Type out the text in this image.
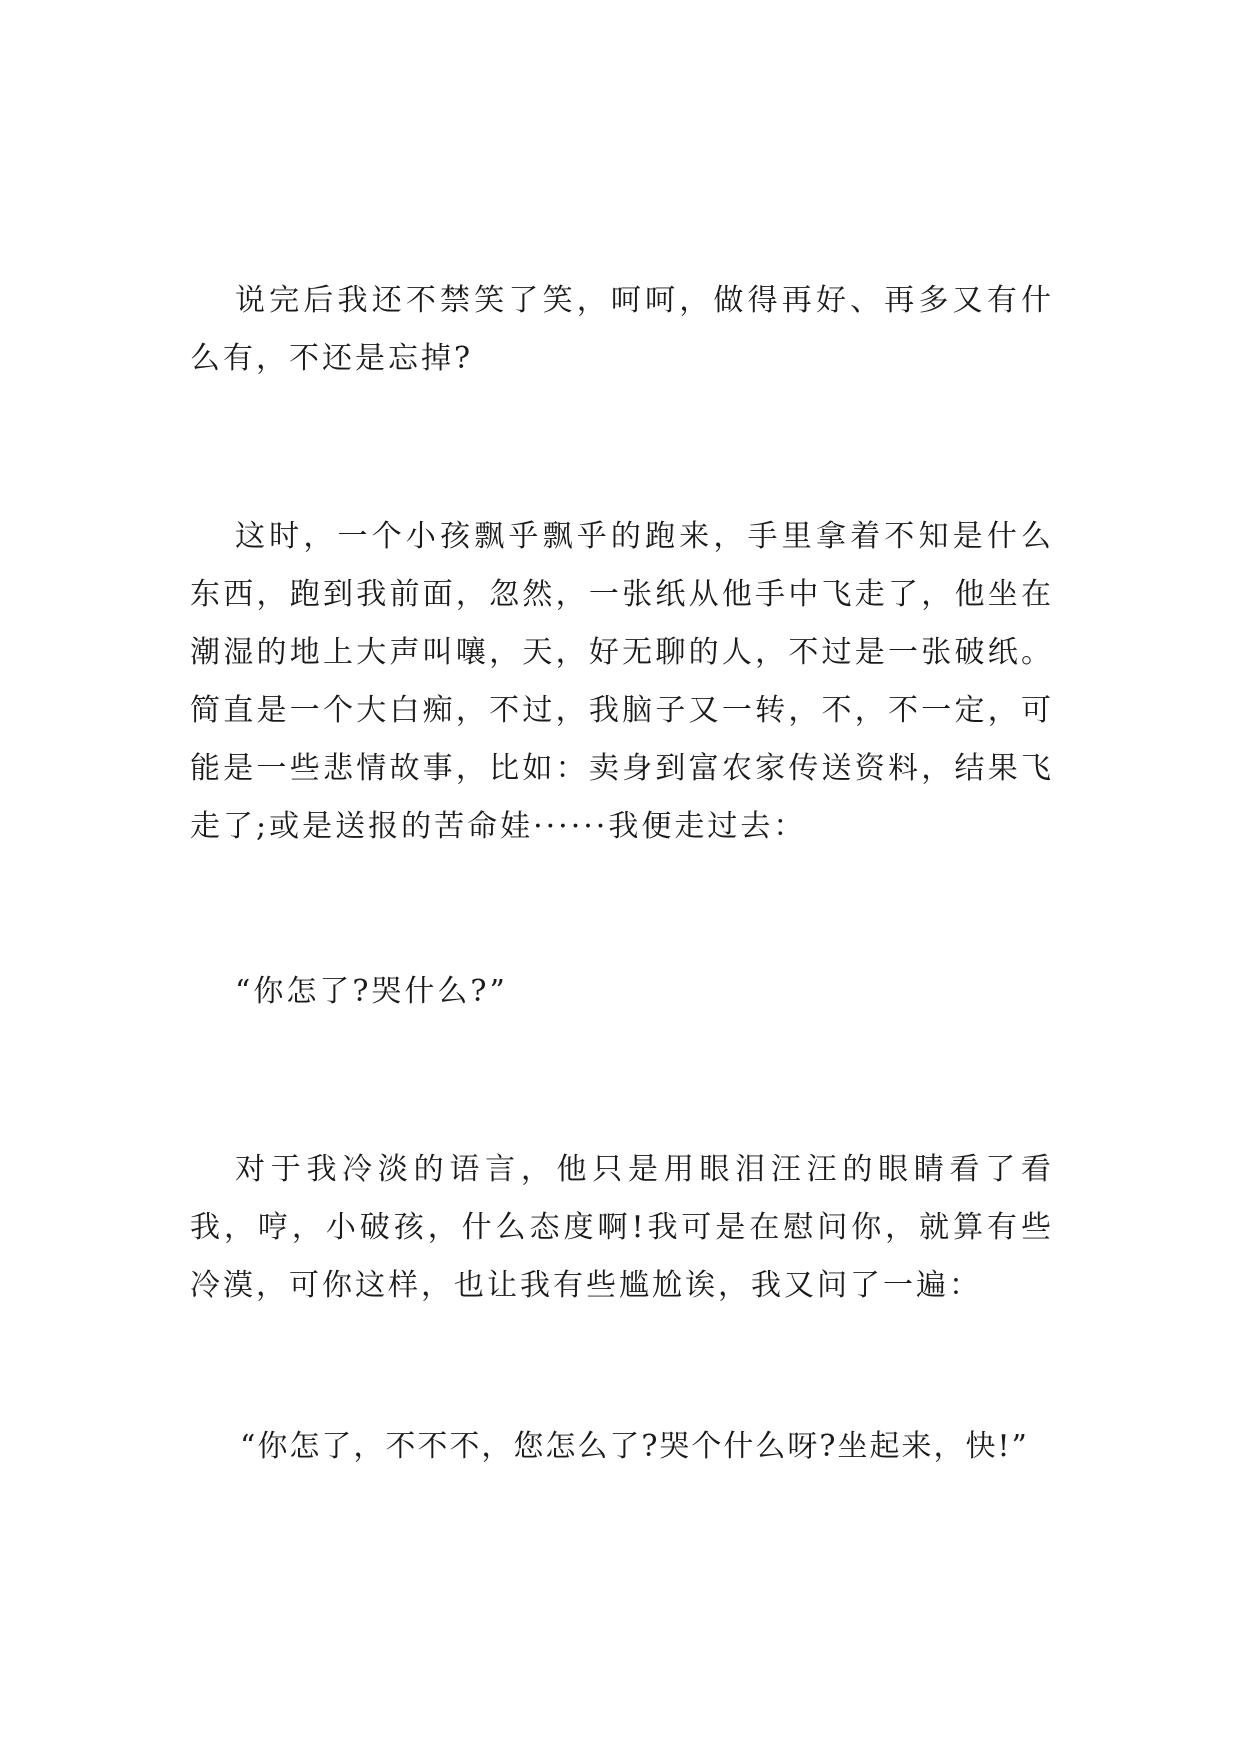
说完后我还不禁笑了笑，呵呵，做得再好、再多又有什么有，不还是忘掉?

这时，一个小孩飘乎飘乎的跑来，手里拿着不知是什么东西，跑到我前面，忽然，一张纸从他手中飞走了，他坐在潮湿的地上大声叫嚷，天，好无聊的人，不过是一张破纸。简直是一个大白痴，不过，我脑子又一转，不，不一定，可能是一些悲情故事，比如：卖身到富农家传送资料，结果飞走了;或是送报的苦命娃······我便走过去：

“你怎了?哭什么?”

对于我冷淡的语言，他只是用眼泪汪汪的眼睛看了看我，哼，小破孩，什么态度啊!我可是在慰问你，就算有些冷漠，可你这样，也让我有些尴尬诶，我又问了一遍：

“你怎了，不不不，您怎么了?哭个什么呀?坐起来，快!”
